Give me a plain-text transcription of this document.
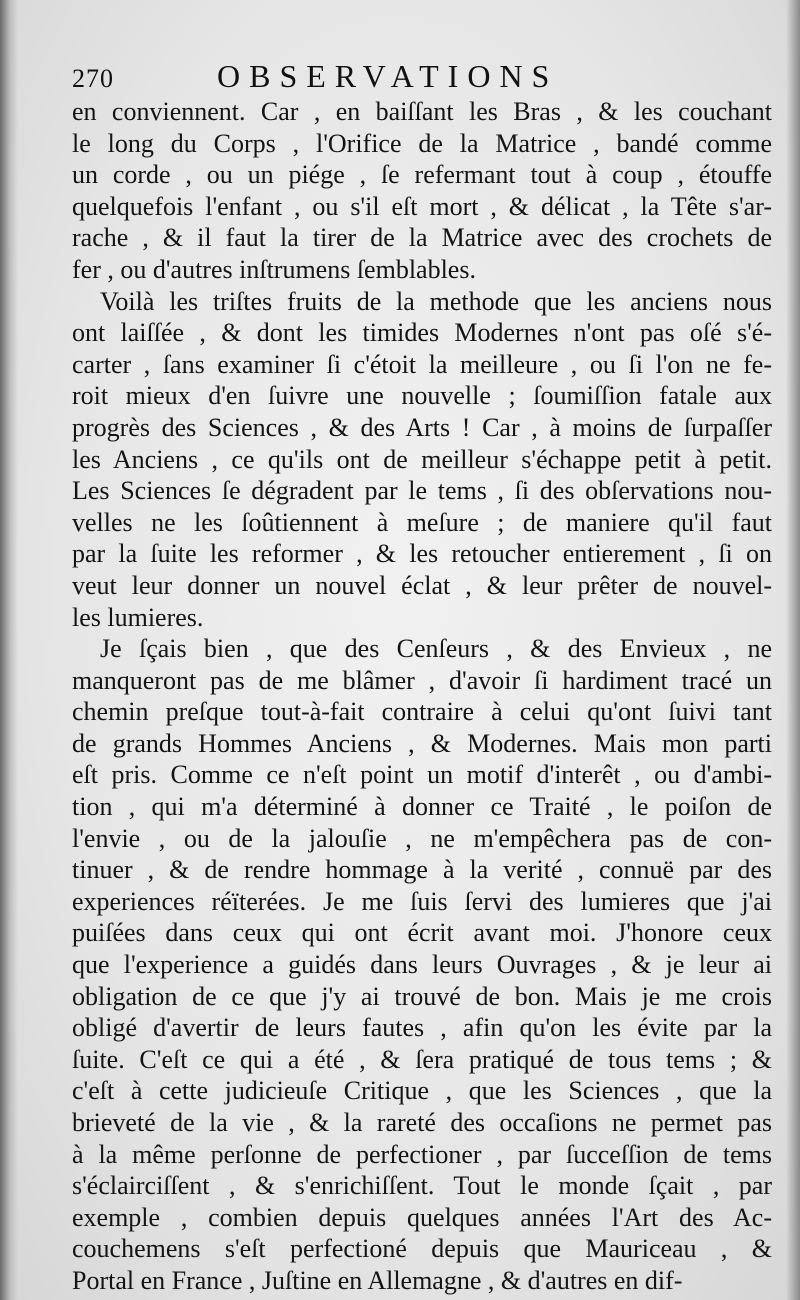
270	OBSERVATIONS
en conviennent. Car , en baiſſant les Bras , & les couchant
le long du Corps , l'Orifice de la Matrice , bandé comme
un corde , ou un piége , ſe refermant tout à coup , étouffe
quelquefois l'enfant , ou s'il eſt mort , & délicat , la Tête s'ar-
rache , & il faut la tirer de la Matrice avec des crochets de
fer , ou d'autres inſtrumens ſemblables.
Voilà les triſtes fruits de la methode que les anciens nous
ont laiſſée , & dont les timides Modernes n'ont pas oſé s'é-
carter , ſans examiner ſi c'étoit la meilleure , ou ſi l'on ne fe-
roit mieux d'en ſuivre une nouvelle ; ſoumiſſion fatale aux
progrès des Sciences , & des Arts ! Car , à moins de ſurpaſſer
les Anciens , ce qu'ils ont de meilleur s'échappe petit à petit.
Les Sciences ſe dégradent par le tems , ſi des obſervations nou-
velles ne les ſoûtiennent à meſure ; de maniere qu'il faut
par la ſuite les reformer , & les retoucher entierement , ſi on
veut leur donner un nouvel éclat , & leur prêter de nouvel-
les lumieres.
Je ſçais bien , que des Cenſeurs , & des Envieux , ne
manqueront pas de me blâmer , d'avoir ſi hardiment tracé un
chemin preſque tout-à-fait contraire à celui qu'ont ſuivi tant
de grands Hommes Anciens , & Modernes. Mais mon parti
eſt pris. Comme ce n'eſt point un motif d'interêt , ou d'ambi-
tion , qui m'a déterminé à donner ce Traité , le poiſon de
l'envie , ou de la jalouſie , ne m'empêchera pas de con-
tinuer , & de rendre hommage à la verité , connuë par des
experiences réïterées. Je me ſuis ſervi des lumieres que j'ai
puiſées dans ceux qui ont écrit avant moi. J'honore ceux
que l'experience a guidés dans leurs Ouvrages , & je leur ai
obligation de ce que j'y ai trouvé de bon. Mais je me crois
obligé d'avertir de leurs fautes , afin qu'on les évite par la
ſuite. C'eſt ce qui a été , & ſera pratiqué de tous tems ; &
c'eſt à cette judicieuſe Critique , que les Sciences , que la
brieveté de la vie , & la rareté des occaſions ne permet pas
à la même perſonne de perfectioner , par ſucceſſion de tems
s'éclairciſſent , & s'enrichiſſent. Tout le monde ſçait , par
exemple , combien depuis quelques années l'Art des Ac-
couchemens s'eſt perfectioné depuis que Mauriceau , &
Portal en France , Juſtine en Allemagne , & d'autres en dif-
